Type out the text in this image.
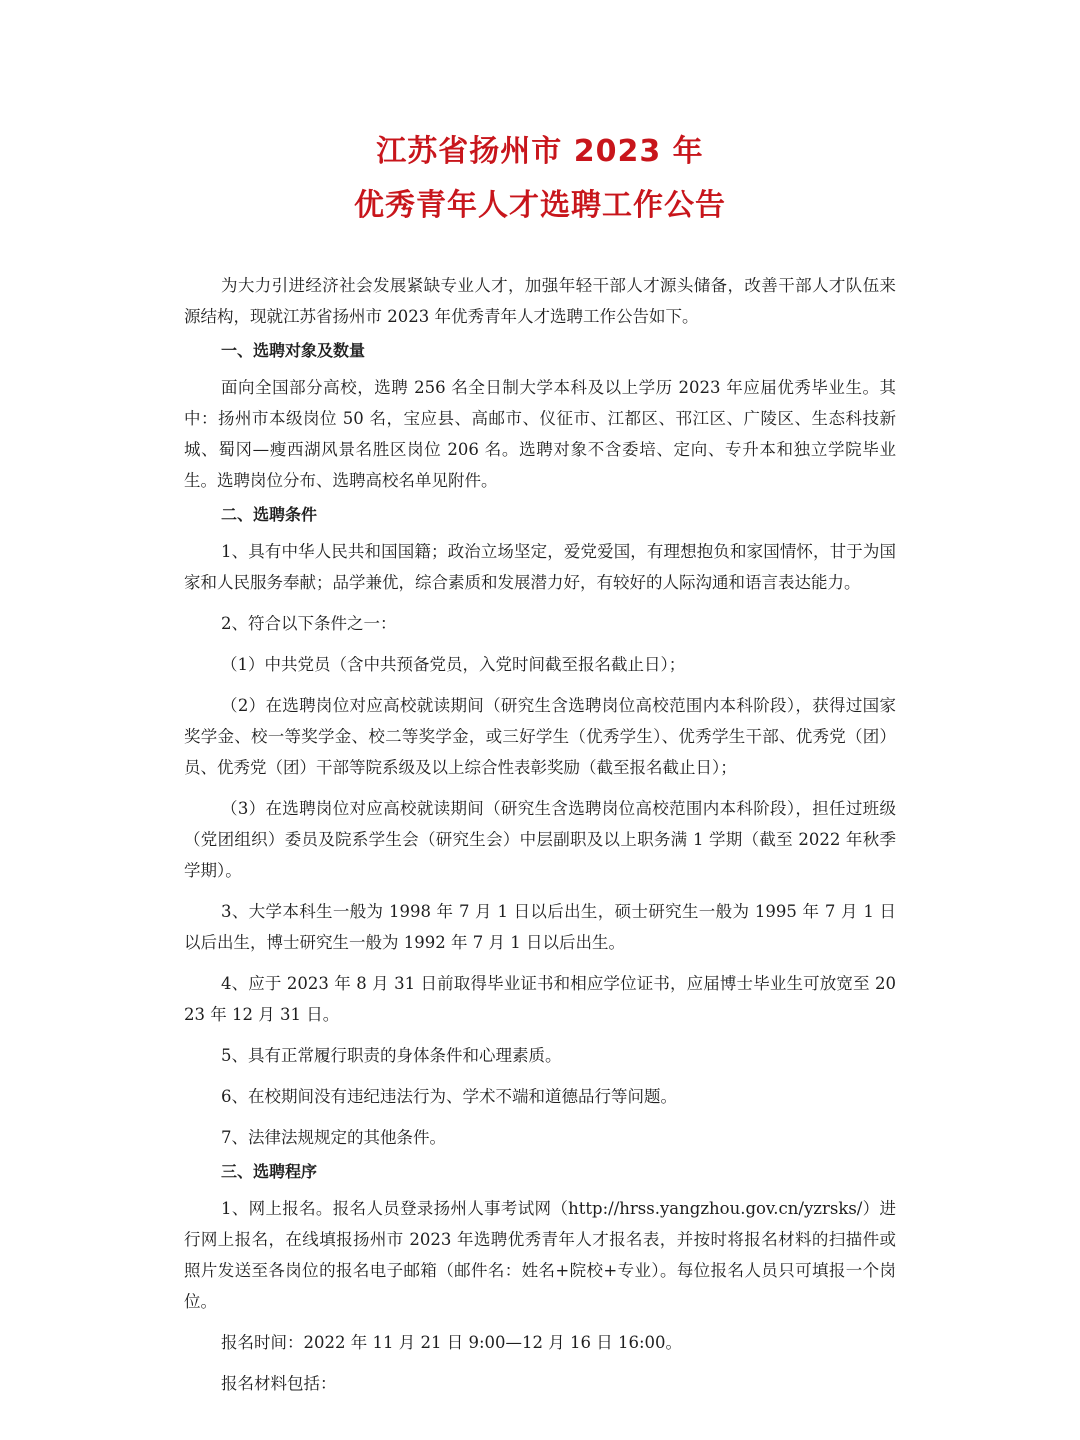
江苏省扬州市 2023 年
优秀青年人才选聘工作公告

为大力引进经济社会发展紧缺专业人才，加强年轻干部人才源头储备，改善干部人才队伍来源结构，现就江苏省扬州市 2023 年优秀青年人才选聘工作公告如下。

一、选聘对象及数量

面向全国部分高校，选聘 256 名全日制大学本科及以上学历 2023 年应届优秀毕业生。其中：扬州市本级岗位 50 名，宝应县、高邮市、仪征市、江都区、邗江区、广陵区、生态科技新城、蜀冈—瘦西湖风景名胜区岗位 206 名。选聘对象不含委培、定向、专升本和独立学院毕业生。选聘岗位分布、选聘高校名单见附件。

二、选聘条件

1、具有中华人民共和国国籍；政治立场坚定，爱党爱国，有理想抱负和家国情怀，甘于为国家和人民服务奉献；品学兼优，综合素质和发展潜力好，有较好的人际沟通和语言表达能力。

2、符合以下条件之一：

（1）中共党员（含中共预备党员，入党时间截至报名截止日）；

（2）在选聘岗位对应高校就读期间（研究生含选聘岗位高校范围内本科阶段），获得过国家奖学金、校一等奖学金、校二等奖学金，或三好学生（优秀学生）、优秀学生干部、优秀党（团）员、优秀党（团）干部等院系级及以上综合性表彰奖励（截至报名截止日）；

（3）在选聘岗位对应高校就读期间（研究生含选聘岗位高校范围内本科阶段），担任过班级（党团组织）委员及院系学生会（研究生会）中层副职及以上职务满 1 学期（截至 2022 年秋季学期）。

3、大学本科生一般为 1998 年 7 月 1 日以后出生，硕士研究生一般为 1995 年 7 月 1 日以后出生，博士研究生一般为 1992 年 7 月 1 日以后出生。

4、应于 2023 年 8 月 31 日前取得毕业证书和相应学位证书，应届博士毕业生可放宽至 2023 年 12 月 31 日。

5、具有正常履行职责的身体条件和心理素质。

6、在校期间没有违纪违法行为、学术不端和道德品行等问题。

7、法律法规规定的其他条件。

三、选聘程序

1、网上报名。报名人员登录扬州人事考试网（http://hrss.yangzhou.gov.cn/yzrsks/）进行网上报名，在线填报扬州市 2023 年选聘优秀青年人才报名表，并按时将报名材料的扫描件或照片发送至各岗位的报名电子邮箱（邮件名：姓名+院校+专业）。每位报名人员只可填报一个岗位。

报名时间：2022 年 11 月 21 日 9:00—12 月 16 日 16:00。

报名材料包括：
